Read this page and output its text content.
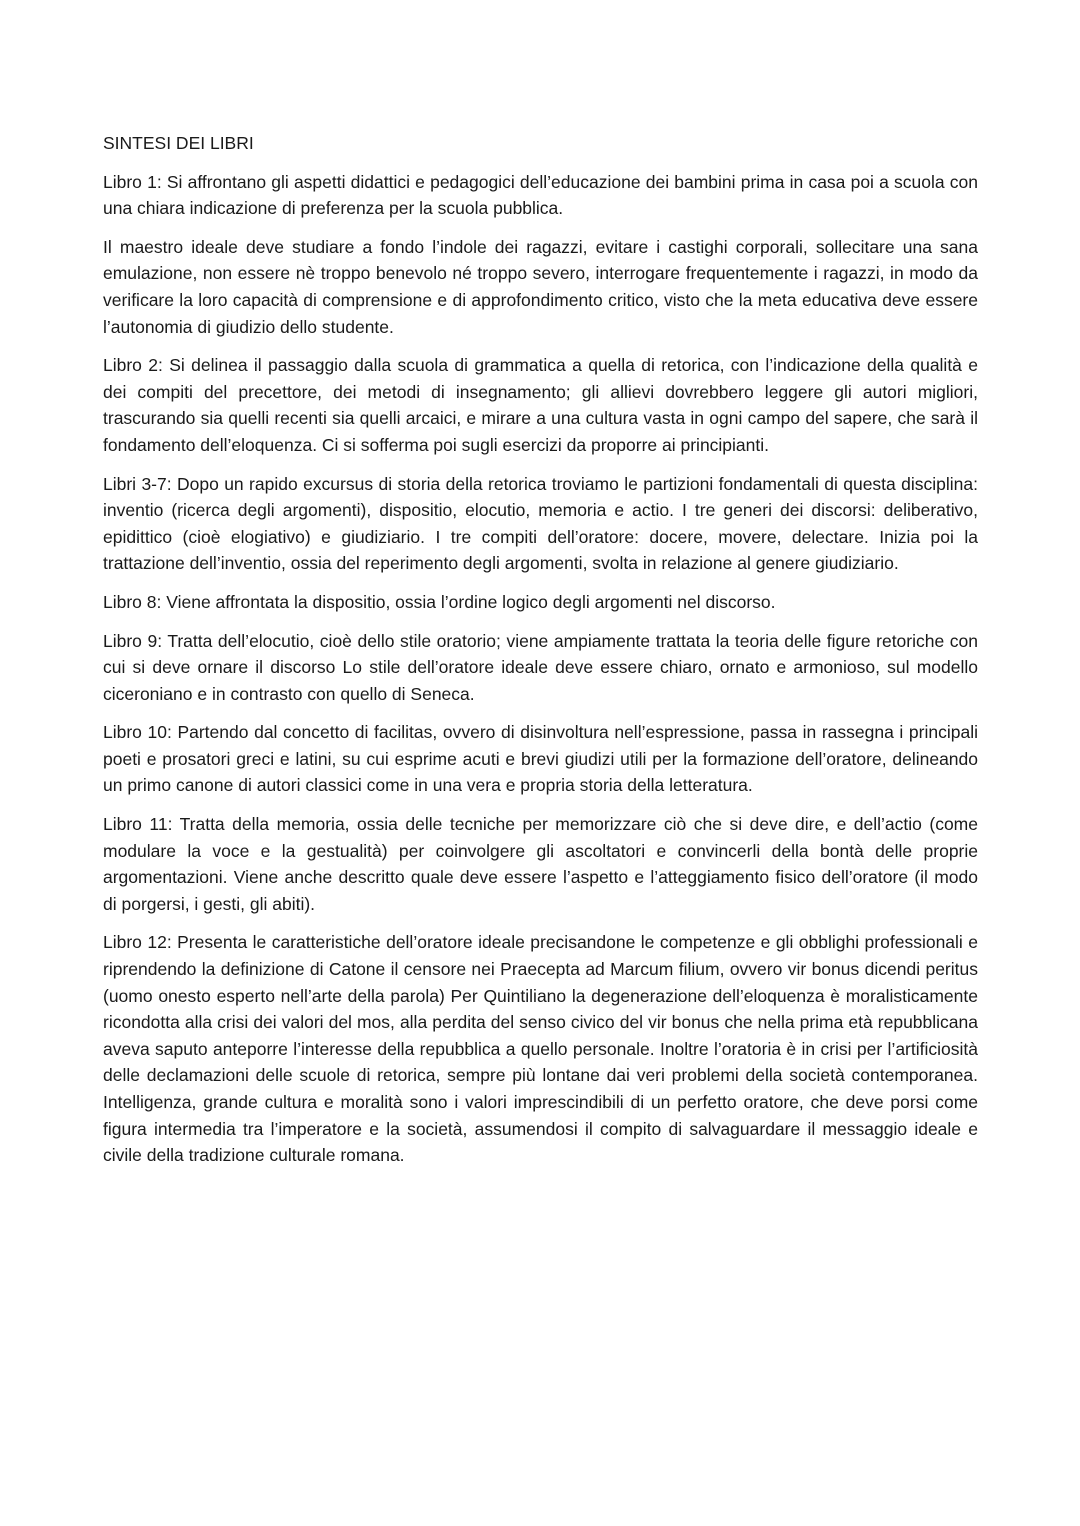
SINTESI DEI LIBRI

Libro 1: Si affrontano gli aspetti didattici e pedagogici dell’educazione dei bambini prima in casa poi a scuola con una chiara indicazione di preferenza per la scuola pubblica.

Il maestro ideale deve studiare a fondo l’indole dei ragazzi, evitare i castighi corporali, sollecitare una sana emulazione, non essere nè troppo benevolo né troppo severo, interrogare frequentemente i ragazzi, in modo da verificare la loro capacità di comprensione e di approfondimento critico, visto che la meta educativa deve essere l’autonomia di giudizio dello studente.

Libro 2: Si delinea il passaggio dalla scuola di grammatica a quella di retorica, con l’indicazione della qualità e dei compiti del precettore, dei metodi di insegnamento; gli allievi dovrebbero leggere gli autori migliori, trascurando sia quelli recenti sia quelli arcaici, e mirare a una cultura vasta in ogni campo del sapere, che sarà il fondamento dell’eloquenza. Ci si sofferma poi sugli esercizi da proporre ai principianti.

Libri 3-7: Dopo un rapido excursus di storia della retorica troviamo le partizioni fondamentali di questa disciplina: inventio (ricerca degli argomenti), dispositio, elocutio, memoria e actio. I tre generi dei discorsi: deliberativo, epidittico (cioè elogiativo) e giudiziario. I tre compiti dell’oratore: docere, movere, delectare. Inizia poi la trattazione dell’inventio, ossia del reperimento degli argomenti, svolta in relazione al genere giudiziario.

Libro 8: Viene affrontata la dispositio, ossia l’ordine logico degli argomenti nel discorso.

Libro 9: Tratta dell’elocutio, cioè dello stile oratorio; viene ampiamente trattata la teoria delle figure retoriche con cui si deve ornare il discorso Lo stile dell’oratore ideale deve essere chiaro, ornato e armonioso, sul modello ciceroniano e in contrasto con quello di Seneca.

Libro 10: Partendo dal concetto di facilitas, ovvero di disinvoltura nell’espressione, passa in rassegna i principali poeti e prosatori greci e latini, su cui esprime acuti e brevi giudizi utili per la formazione dell’oratore, delineando un primo canone di autori classici come in una vera e propria storia della letteratura.

Libro 11: Tratta della memoria, ossia delle tecniche per memorizzare ciò che si deve dire, e dell’actio (come modulare la voce e la gestualità) per coinvolgere gli ascoltatori e convincerli della bontà delle proprie argomentazioni. Viene anche descritto quale deve essere l’aspetto e l’atteggiamento fisico dell’oratore (il modo di porgersi, i gesti, gli abiti).

Libro 12: Presenta le caratteristiche dell’oratore ideale precisandone le competenze e gli obblighi professionali e riprendendo la definizione di Catone il censore nei Praecepta ad Marcum filium, ovvero vir bonus dicendi peritus (uomo onesto esperto nell’arte della parola) Per Quintiliano la degenerazione dell’eloquenza è moralisticamente ricondotta alla crisi dei valori del mos, alla perdita del senso civico del vir bonus che nella prima età repubblicana aveva saputo anteporre l’interesse della repubblica a quello personale. Inoltre l’oratoria è in crisi per l’artificiosità delle declamazioni delle scuole di retorica, sempre più lontane dai veri problemi della società contemporanea. Intelligenza, grande cultura e moralità sono i valori imprescindibili di un perfetto oratore, che deve porsi come figura intermedia tra l’imperatore e la società, assumendosi il compito di salvaguardare il messaggio ideale e civile della tradizione culturale romana.
